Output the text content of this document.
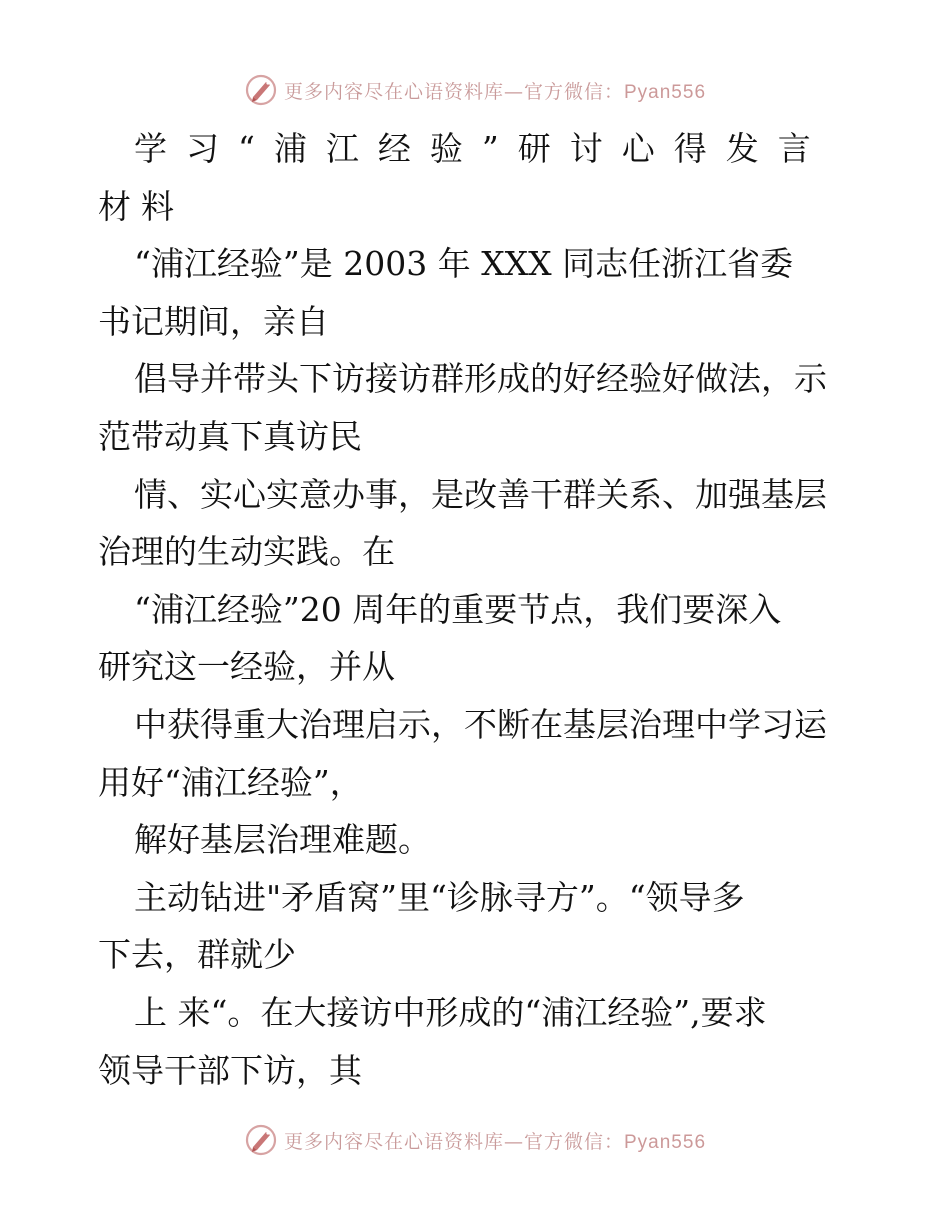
更多内容尽在心语资料库—官方微信：Pyan556
学习“浦江经验”研讨心得发言
材料
“浦江经验”是 2003 年 XXX 同志任浙江省委
书记期间，亲自
倡导并带头下访接访群形成的好经验好做法，示
范带动真下真访民
情、实心实意办事，是改善干群关系、加强基层
治理的生动实践。在
“浦江经验”20 周年的重要节点，我们要深入
研究这一经验，并从
中获得重大治理启示，不断在基层治理中学习运
用好“浦江经验”，
解好基层治理难题。
主动钻进"矛盾窝”里“诊脉寻方”。“领导多
下去，群就少
上 来“。在大接访中形成的“浦江经验”,要求
领导干部下访，其
更多内容尽在心语资料库—官方微信：Pyan556
